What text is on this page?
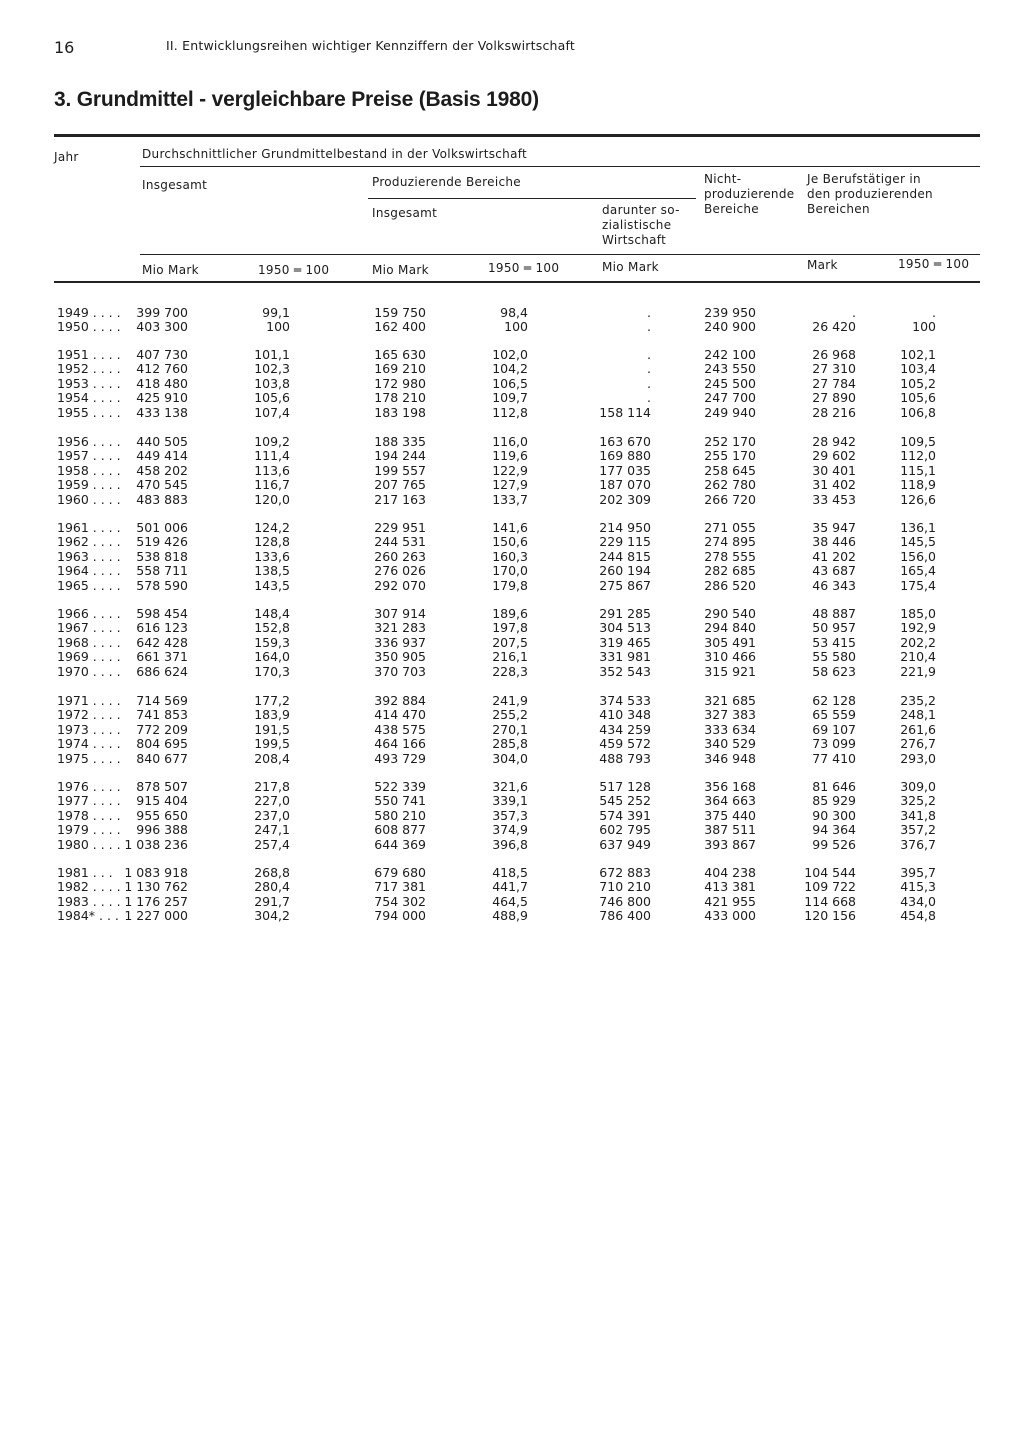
16	II. Entwicklungsreihen wichtiger Kennziffern der Volkswirtschaft
3. Grundmittel - vergleichbare Preise (Basis 1980)
Jahr	Durchschnittlicher Grundmittelbestand in der Volkswirtschaft
Insgesamt	Produzierende Bereiche
Insgesamt	darunter so-
zialistische
Wirtschaft
Nicht-
produzierende
Bereiche
Je Berufstätiger in
den produzierenden
Bereichen
Mio Mark	1950 ═ 100	Mio Mark	1950 ═ 100	Mio Mark	Mark	1950 ═ 100
1949 . . . .	399 700	99,1	159 750	98,4	.	239 950	.	.
1950 . . . .	403 300	100	162 400	100	.	240 900	26 420	100
1951 . . . .	407 730	101,1	165 630	102,0	.	242 100	26 968	102,1
1952 . . . .	412 760	102,3	169 210	104,2	.	243 550	27 310	103,4
1953 . . . .	418 480	103,8	172 980	106,5	.	245 500	27 784	105,2
1954 . . . .	425 910	105,6	178 210	109,7	.	247 700	27 890	105,6
1955 . . . .	433 138	107,4	183 198	112,8	158 114	249 940	28 216	106,8
1956 . . . .	440 505	109,2	188 335	116,0	163 670	252 170	28 942	109,5
1957 . . . .	449 414	111,4	194 244	119,6	169 880	255 170	29 602	112,0
1958 . . . .	458 202	113,6	199 557	122,9	177 035	258 645	30 401	115,1
1959 . . . .	470 545	116,7	207 765	127,9	187 070	262 780	31 402	118,9
1960 . . . .	483 883	120,0	217 163	133,7	202 309	266 720	33 453	126,6
1961 . . . .	501 006	124,2	229 951	141,6	214 950	271 055	35 947	136,1
1962 . . . .	519 426	128,8	244 531	150,6	229 115	274 895	38 446	145,5
1963 . . . .	538 818	133,6	260 263	160,3	244 815	278 555	41 202	156,0
1964 . . . .	558 711	138,5	276 026	170,0	260 194	282 685	43 687	165,4
1965 . . . .	578 590	143,5	292 070	179,8	275 867	286 520	46 343	175,4
1966 . . . .	598 454	148,4	307 914	189,6	291 285	290 540	48 887	185,0
1967 . . . .	616 123	152,8	321 283	197,8	304 513	294 840	50 957	192,9
1968 . . . .	642 428	159,3	336 937	207,5	319 465	305 491	53 415	202,2
1969 . . . .	661 371	164,0	350 905	216,1	331 981	310 466	55 580	210,4
1970 . . . .	686 624	170,3	370 703	228,3	352 543	315 921	58 623	221,9
1971 . . . .	714 569	177,2	392 884	241,9	374 533	321 685	62 128	235,2
1972 . . . .	741 853	183,9	414 470	255,2	410 348	327 383	65 559	248,1
1973 . . . .	772 209	191,5	438 575	270,1	434 259	333 634	69 107	261,6
1974 . . . .	804 695	199,5	464 166	285,8	459 572	340 529	73 099	276,7
1975 . . . .	840 677	208,4	493 729	304,0	488 793	346 948	77 410	293,0
1976 . . . .	878 507	217,8	522 339	321,6	517 128	356 168	81 646	309,0
1977 . . . .	915 404	227,0	550 741	339,1	545 252	364 663	85 929	325,2
1978 . . . .	955 650	237,0	580 210	357,3	574 391	375 440	90 300	341,8
1979 . . . .	996 388	247,1	608 877	374,9	602 795	387 511	94 364	357,2
1980 . . . . 1 038 236	257,4	644 369	396,8	637 949	393 867	99 526	376,7
1981 . . . 1 083 918	268,8	679 680	418,5	672 883	404 238	104 544	395,7
1982 . . . . 1 130 762	280,4	717 381	441,7	710 210	413 381	109 722	415,3
1983 . . . . 1 176 257	291,7	754 302	464,5	746 800	421 955	114 668	434,0
1984* . . . 1 227 000	304,2	794 000	488,9	786 400	433 000	120 156	454,8
